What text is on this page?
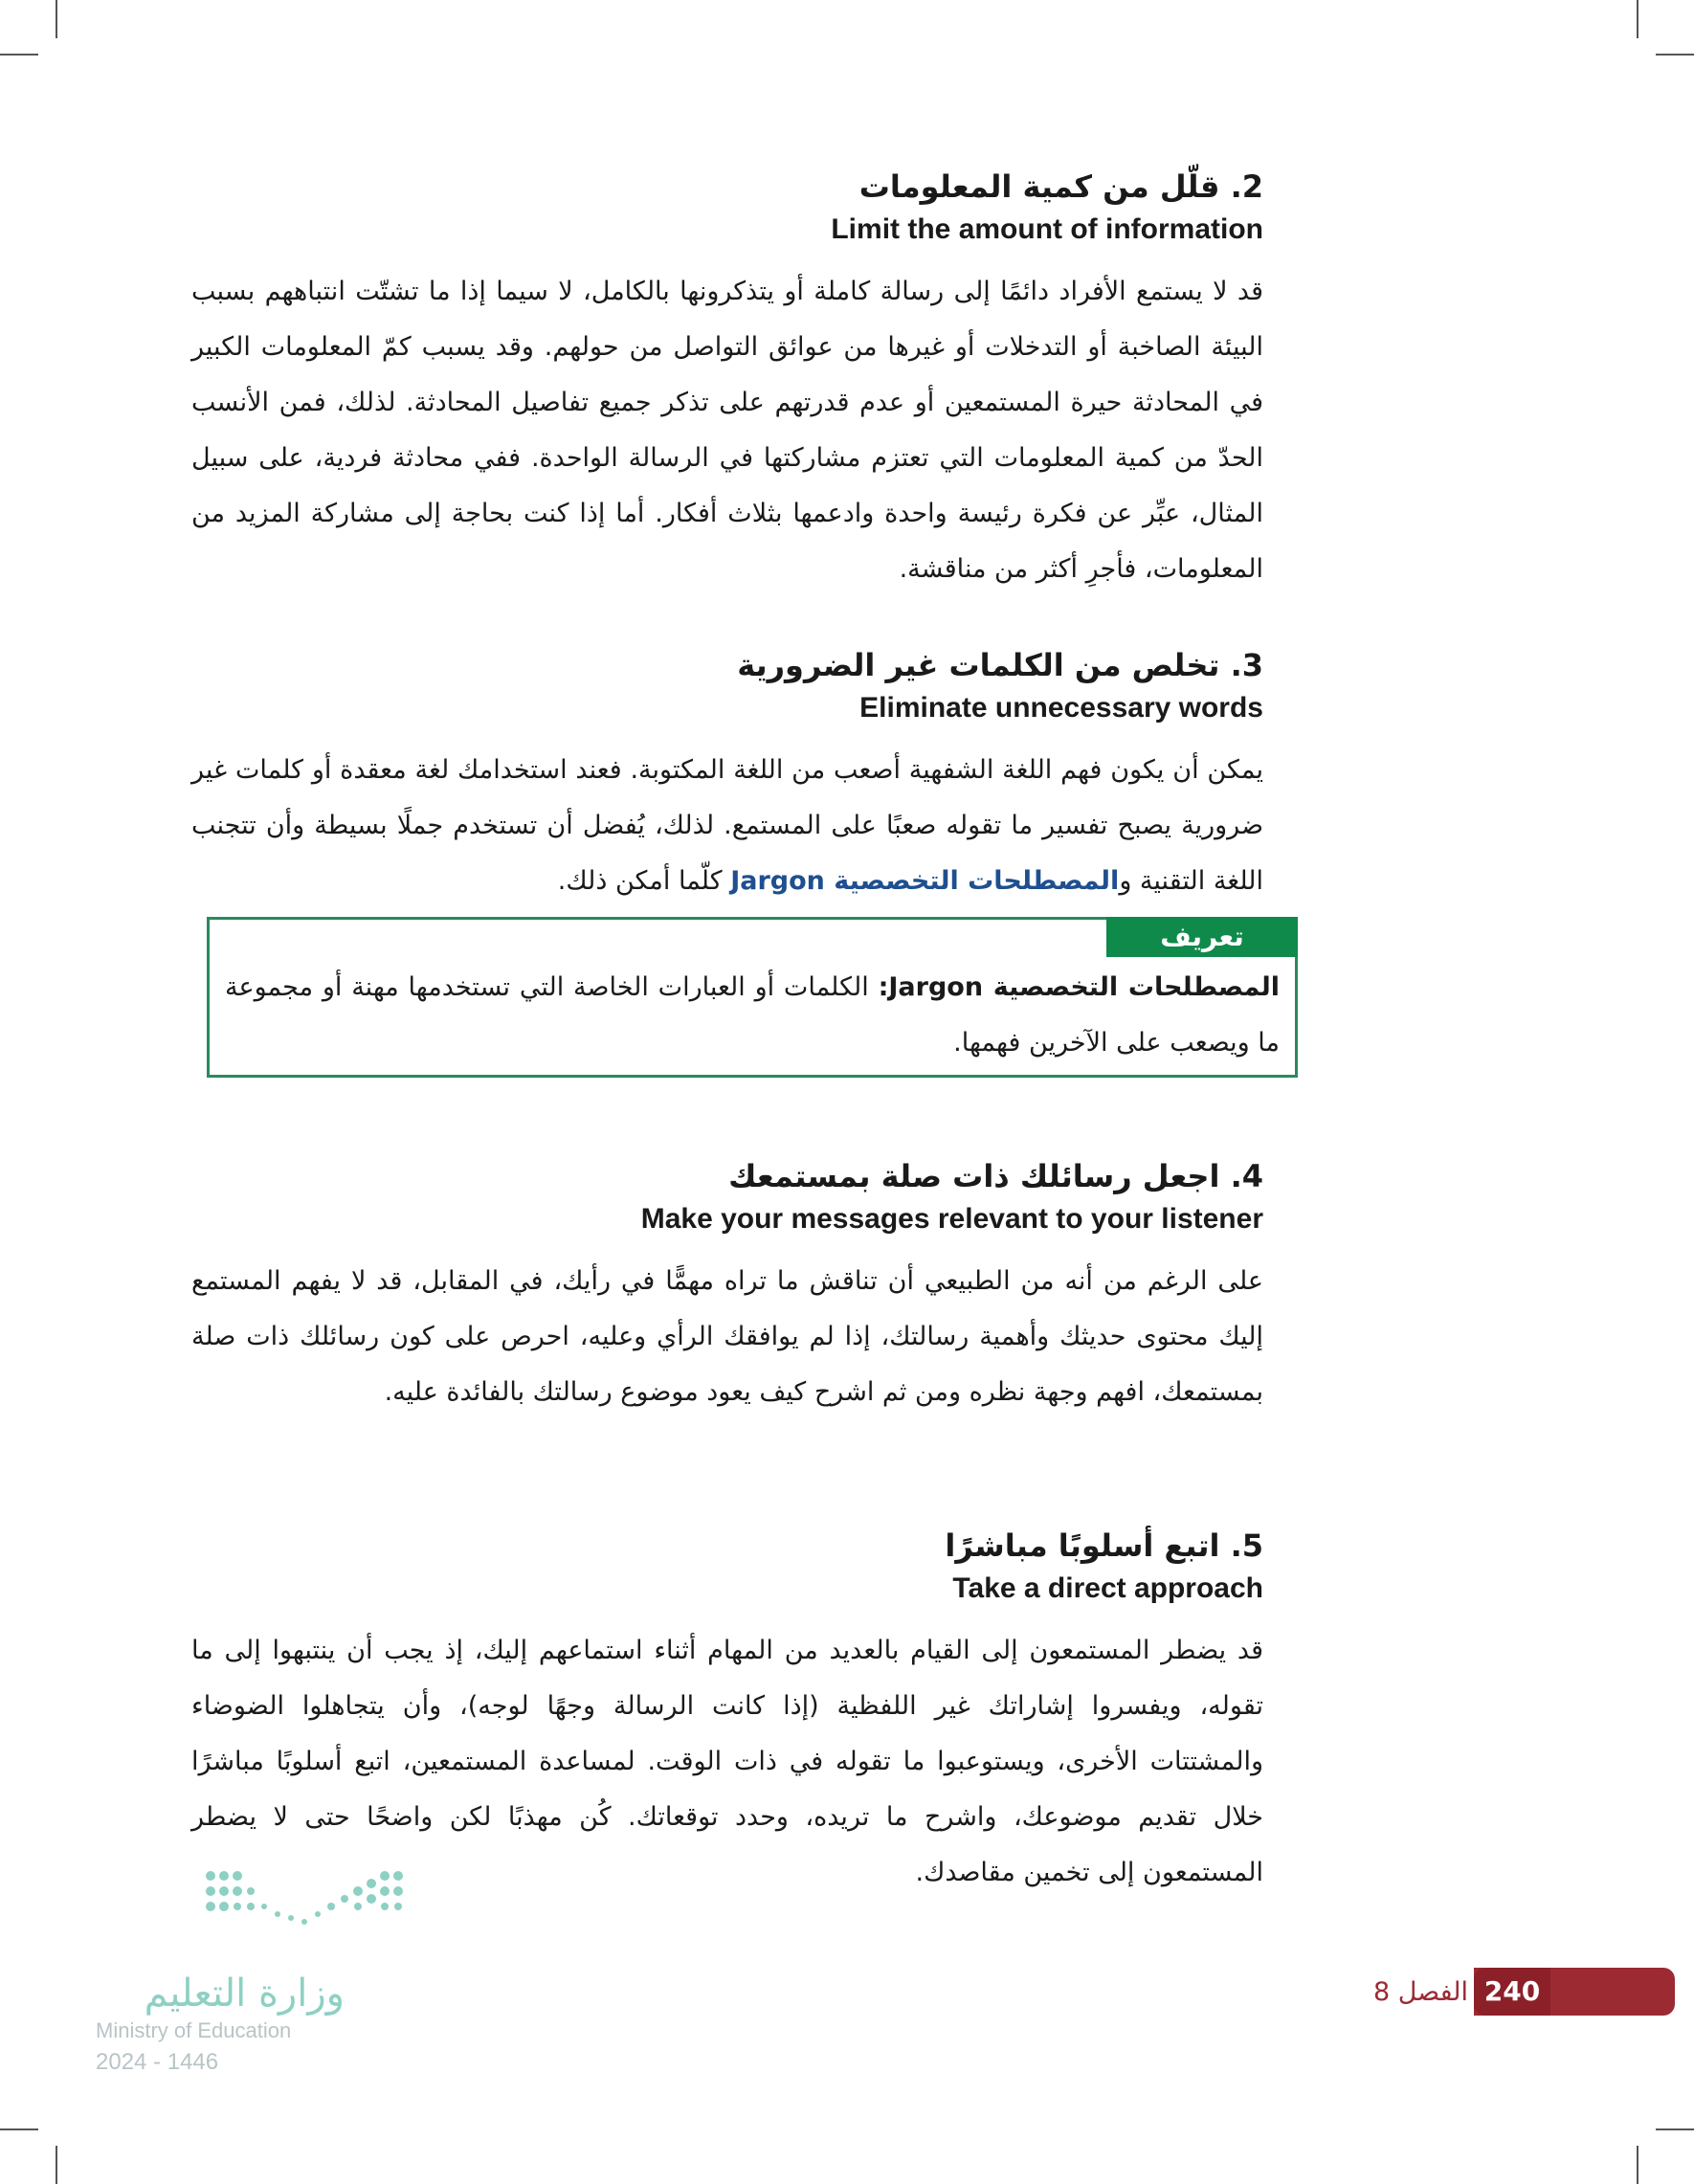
2. قلّل من كمية المعلومات
Limit the amount of information
قد لا يستمع الأفراد دائمًا إلى رسالة كاملة أو يتذكرونها بالكامل، لا سيما إذا ما تشتّت انتباههم بسبب البيئة الصاخبة أو التدخلات أو غيرها من عوائق التواصل من حولهم. وقد يسبب كمّ المعلومات الكبير في المحادثة حيرة المستمعين أو عدم قدرتهم على تذكر جميع تفاصيل المحادثة. لذلك، فمن الأنسب الحدّ من كمية المعلومات التي تعتزم مشاركتها في الرسالة الواحدة. ففي محادثة فردية، على سبيل المثال، عبِّر عن فكرة رئيسة واحدة وادعمها بثلاث أفكار. أما إذا كنت بحاجة إلى مشاركة المزيد من المعلومات، فأجرِ أكثر من مناقشة.
3. تخلص من الكلمات غير الضرورية
Eliminate unnecessary words
يمكن أن يكون فهم اللغة الشفهية أصعب من اللغة المكتوبة. فعند استخدامك لغة معقدة أو كلمات غير ضرورية يصبح تفسير ما تقوله صعبًا على المستمع. لذلك، يُفضل أن تستخدم جملًا بسيطة وأن تتجنب اللغة التقنية والمصطلحات التخصصية Jargon كلّما أمكن ذلك.
تعريف
المصطلحات التخصصية Jargon: الكلمات أو العبارات الخاصة التي تستخدمها مهنة أو مجموعة ما ويصعب على الآخرين فهمها.
4. اجعل رسائلك ذات صلة بمستمعك
Make your messages relevant to your listener
على الرغم من أنه من الطبيعي أن تناقش ما تراه مهمًّا في رأيك، في المقابل، قد لا يفهم المستمع إليك محتوى حديثك وأهمية رسالتك، إذا لم يوافقك الرأي وعليه، احرص على كون رسائلك ذات صلة بمستمعك، افهم وجهة نظره ومن ثم اشرح كيف يعود موضوع رسالتك بالفائدة عليه.
5. اتبع أسلوبًا مباشرًا
Take a direct approach
قد يضطر المستمعون إلى القيام بالعديد من المهام أثناء استماعهم إليك، إذ يجب أن ينتبهوا إلى ما تقوله، ويفسروا إشاراتك غير اللفظية (إذا كانت الرسالة وجهًا لوجه)، وأن يتجاهلوا الضوضاء والمشتتات الأخرى، ويستوعبوا ما تقوله في ذات الوقت. لمساعدة المستمعين، اتبع أسلوبًا مباشرًا خلال تقديم موضوعك، واشرح ما تريده، وحدد توقعاتك. كُن مهذبًا لكن واضحًا حتى لا يضطر المستمعون إلى تخمين مقاصدك.
وزارة التعليم
Ministry of Education
2024 - 1446
240
الفصل 8
